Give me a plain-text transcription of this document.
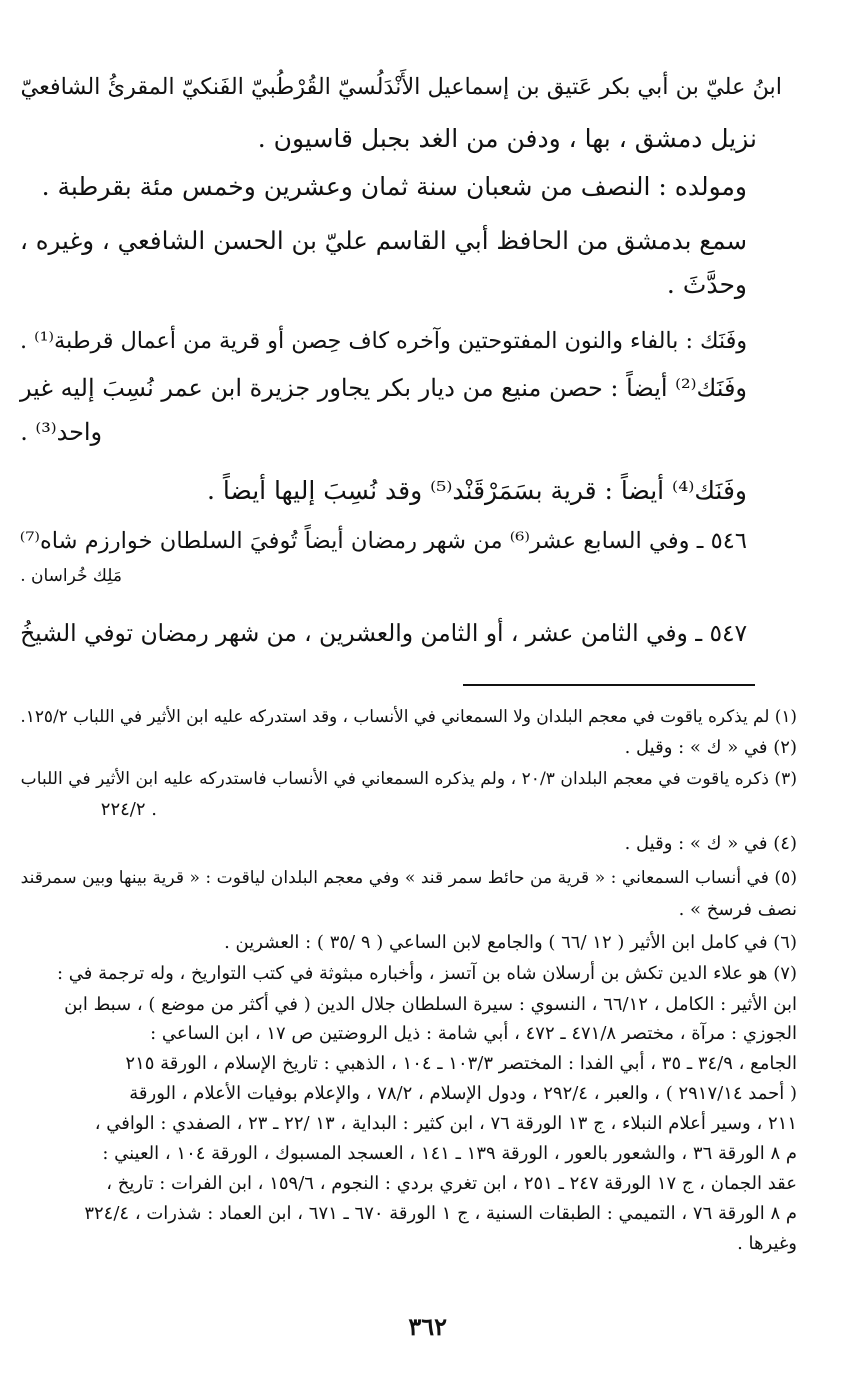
ابنُ عليّ بن أبي بكر عَتيق بن إسماعيل الأَنْدَلُسيّ القُرْطُبيّ الفَنكيّ المقرئُ الشافعيّ
نزيل دمشق ، بها ، ودفن من الغد بجبل قاسيون .
ومولده : النصف من شعبان سنة ثمان وعشرين وخمس مئة بقرطبة .
سمع بدمشق من الحافظ أبي القاسم عليّ بن الحسن الشافعي ، وغيره ،
وحدَّثَ .
وفَنَك : بالفاء والنون المفتوحتين وآخره كاف حِصن أو قرية من أعمال قرطبة⁽¹⁾ .
وفَنَك⁽²⁾ أيضاً : حصن منيع من ديار بكر يجاور جزيرة ابن عمر نُسِبَ إليه غير
واحد⁽³⁾ .
وفَنَك⁽⁴⁾ أيضاً : قرية بسَمَرْقَنْد⁽⁵⁾ وقد نُسِبَ إليها أيضاً .
٥٤٦ ـ وفي السابع عشر⁽⁶⁾ من شهر رمضان أيضاً تُوفيَ السلطان خوارزم شاه⁽⁷⁾
مَلِك خُراسان .
٥٤٧ ـ وفي الثامن عشر ، أو الثامن والعشرين ، من شهر رمضان توفي الشيخُ
(١) لم يذكره ياقوت في معجم البلدان ولا السمعاني في الأنساب ، وقد استدركه عليه ابن الأثير في اللباب ١٢٥/٢.
(٢) في « ك » : وقيل .
(٣) ذكره ياقوت في معجم البلدان ٢٠/٣ ، ولم يذكره السمعاني في الأنساب فاستدركه عليه ابن الأثير في اللباب
٢٢٤/٢ .
(٤) في « ك » : وقيل .
(٥) في أنساب السمعاني : « قرية من حائط سمر قند » وفي معجم البلدان لياقوت : « قرية بينها وبين سمرقند
نصف فرسخ » .
(٦) في كامل ابن الأثير ( ١٢ /٦٦ ) والجامع لابن الساعي ( ٩ /٣٥ ) : العشرين .
(٧) هو علاء الدين تكش بن أرسلان شاه بن آتسز ، وأخباره مبثوثة في كتب التواريخ ، وله ترجمة في :
ابن الأثير : الكامل ، ٦٦/١٢ ، النسوي : سيرة السلطان جلال الدين ( في أكثر من موضع ) ، سبط ابن
الجوزي : مرآة ، مختصر ٤٧١/٨ ـ ٤٧٢ ، أبي شامة : ذيل الروضتين ص ١٧ ، ابن الساعي :
الجامع ، ٣٤/٩ ـ ٣٥ ، أبي الفدا : المختصر ١٠٣/٣ ـ ١٠٤ ، الذهبي : تاريخ الإسلام ، الورقة ٢١٥
( أحمد ٢٩١٧/١٤ ) ، والعبر ، ٢٩٢/٤ ، ودول الإسلام ، ٧٨/٢ ، والإعلام بوفيات الأعلام ، الورقة
٢١١ ، وسير أعلام النبلاء ، ج ١٣ الورقة ٧٦ ، ابن كثير : البداية ، ١٣ /٢٢ ـ ٢٣ ، الصفدي : الوافي ،
م ٨ الورقة ٣٦ ، والشعور بالعور ، الورقة ١٣٩ ـ ١٤١ ، العسجد المسبوك ، الورقة ١٠٤ ، العيني :
عقد الجمان ، ج ١٧ الورقة ٢٤٧ ـ ٢٥١ ، ابن تغري بردي : النجوم ، ١٥٩/٦ ، ابن الفرات : تاريخ ،
م ٨ الورقة ٧٦ ، التميمي : الطبقات السنية ، ج ١ الورقة ٦٧٠ ـ ٦٧١ ، ابن العماد : شذرات ، ٣٢٤/٤
وغيرها .
٣٦٢
